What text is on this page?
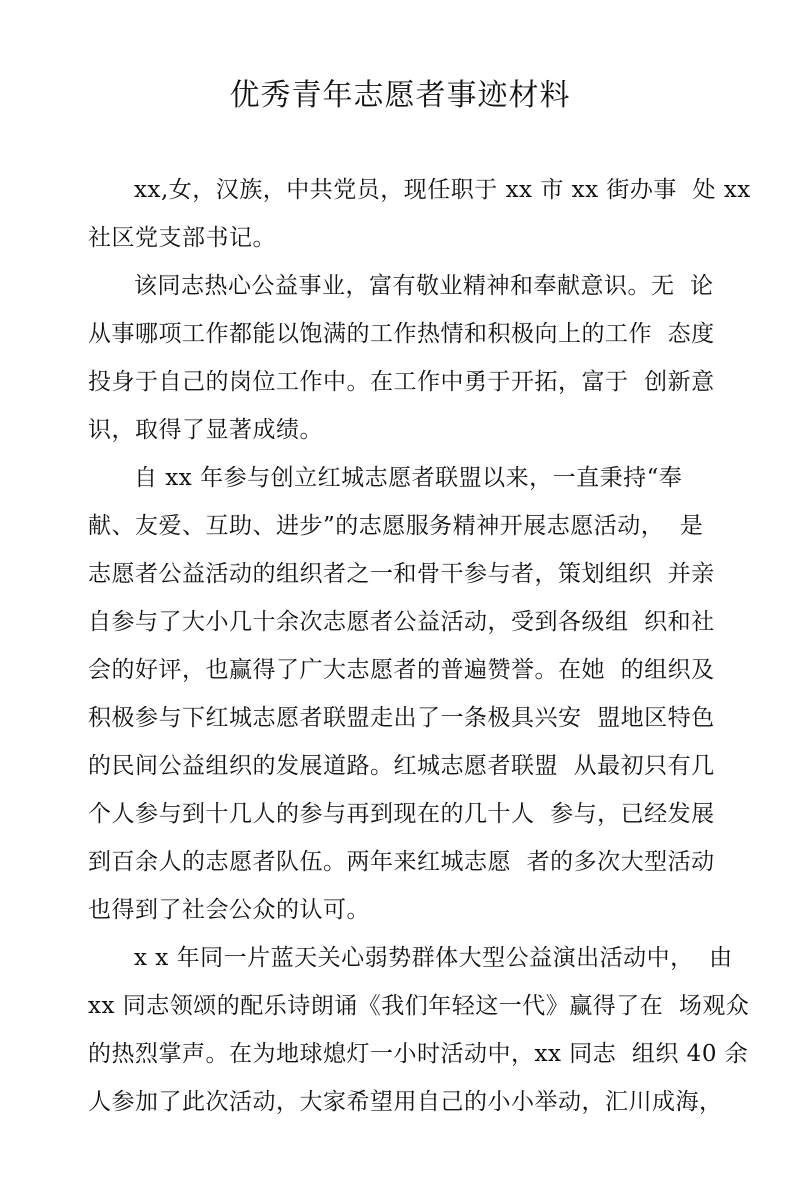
优秀青年志愿者事迹材料

xx,女，汉族，中共党员，现任职于 xx 市 xx 街办事  处 xx

社区党支部书记。

该同志热心公益事业，富有敬业精神和奉献意识。无  论

从事哪项工作都能以饱满的工作热情和积极向上的工作  态度

投身于自己的岗位工作中。在工作中勇于开拓，富于  创新意

识，取得了显著成绩。

自 xx 年参与创立红城志愿者联盟以来，一直秉持“奉

献、友爱、互助、进步”的志愿服务精神开展志愿活动，  是

志愿者公益活动的组织者之一和骨干参与者，策划组织  并亲

自参与了大小几十余次志愿者公益活动，受到各级组  织和社

会的好评，也赢得了广大志愿者的普遍赞誉。在她  的组织及

积极参与下红城志愿者联盟走出了一条极具兴安  盟地区特色

的民间公益组织的发展道路。红城志愿者联盟  从最初只有几

个人参与到十几人的参与再到现在的几十人  参与，已经发展

到百余人的志愿者队伍。两年来红城志愿  者的多次大型活动

也得到了社会公众的认可。

x x 年同一片蓝天关心弱势群体大型公益演出活动中，  由

xx 同志领颂的配乐诗朗诵《我们年轻这一代》赢得了在  场观众

的热烈掌声。在为地球熄灯一小时活动中，xx 同志  组织 40 余

人参加了此次活动，大家希望用自己的小小举动，汇川成海，
